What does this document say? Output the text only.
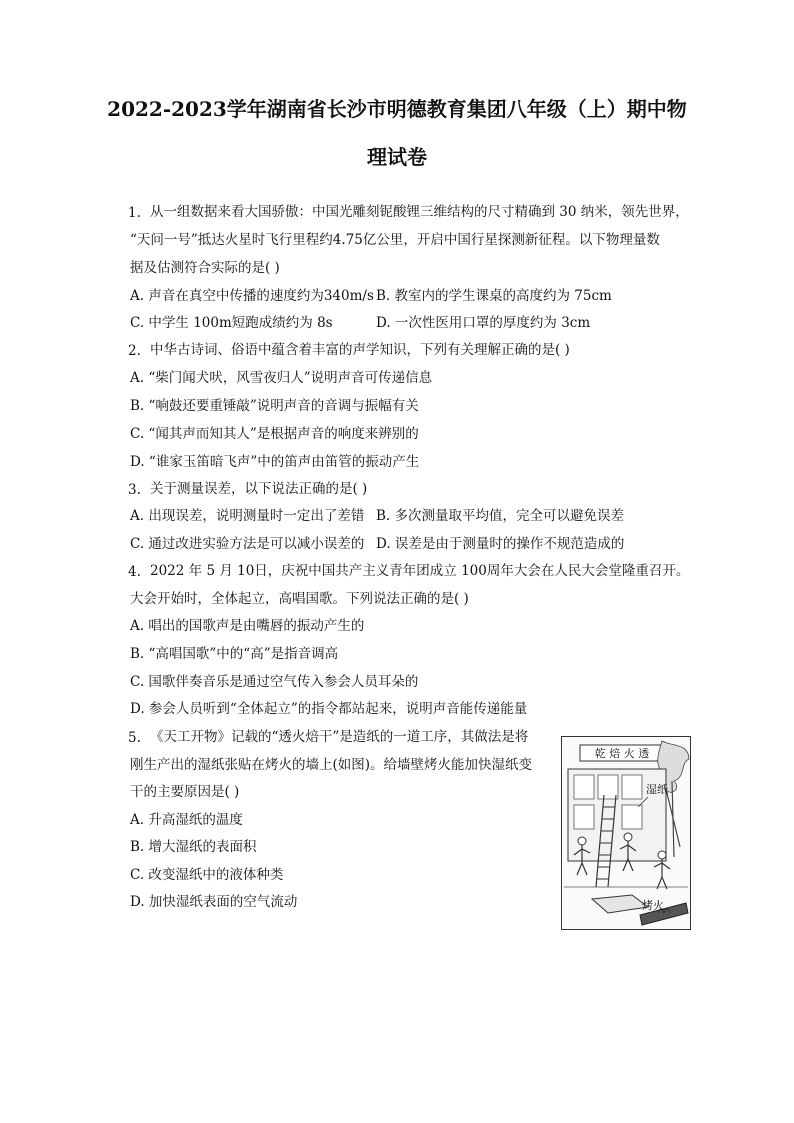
2022-2023学年湖南省长沙市明德教育集团八年级（上）期中物
理试卷
1. 从一组数据来看大国骄傲：中国光雕刻铌酸锂三维结构的尺寸精确到 30 纳米，领先世界，
“天问一号”抵达火星时飞行里程约4.75亿公里，开启中国行星探测新征程。以下物理量数
据及估测符合实际的是( )
A. 声音在真空中传播的速度约为340m/s B. 教室内的学生课桌的高度约为 75cm
C. 中学生 100m短跑成绩约为 8s	D. 一次性医用口罩的厚度约为 3cm
2. 中华古诗词、俗语中蕴含着丰富的声学知识，下列有关理解正确的是( )
A. “柴门闻犬吠，风雪夜归人”说明声音可传递信息
B. “响鼓还要重锤敲”说明声音的音调与振幅有关
C. “闻其声而知其人”是根据声音的响度来辨别的
D. “谁家玉笛暗飞声”中的笛声由笛管的振动产生
3. 关于测量误差，以下说法正确的是( )
A. 出现误差，说明测量时一定出了差错 B. 多次测量取平均值，完全可以避免误差
C. 通过改进实验方法是可以减小误差的 D. 误差是由于测量时的操作不规范造成的
4. 2022 年 5 月 10日，庆祝中国共产主义青年团成立 100周年大会在人民大会堂隆重召开。
大会开始时，全体起立，高唱国歌。下列说法正确的是( )
A. 唱出的国歌声是由嘴唇的振动产生的
B. “高唱国歌”中的“高”是指音调高
C. 国歌伴奏音乐是通过空气传入参会人员耳朵的
D. 参会人员听到“全体起立”的指令都站起来，说明声音能传递能量
5. 《天工开物》记载的“透火焙干”是造纸的一道工序，其做法是将
刚生产出的湿纸张贴在烤火的墙上(如图)。给墙壁烤火能加快湿纸变
干的主要原因是( )
A. 升高湿纸的温度
B. 增大湿纸的表面积
C. 改变湿纸中的液体种类
D. 加快湿纸表面的空气流动
乾 焙 火 透
湿纸
烤火
